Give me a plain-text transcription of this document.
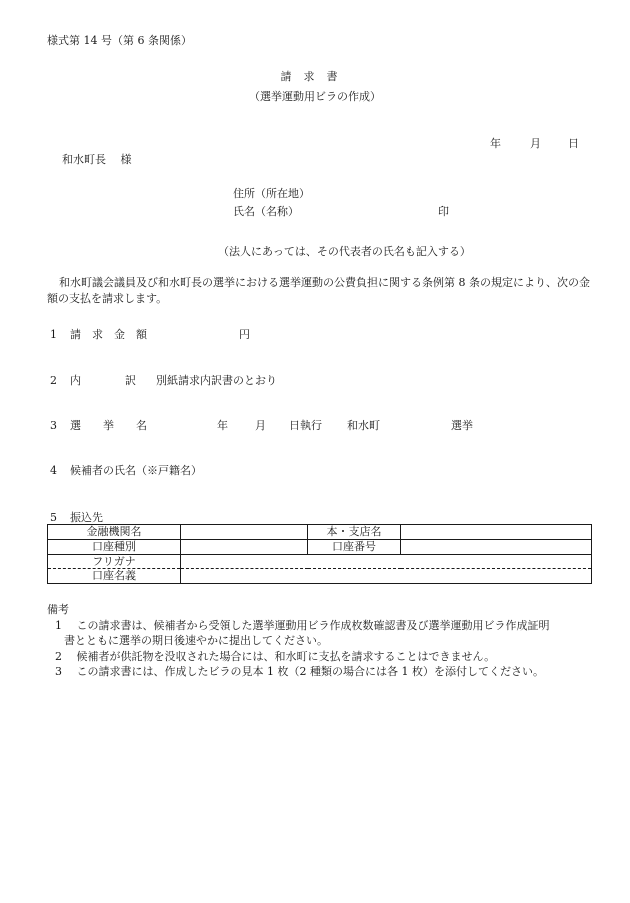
様式第 14 号（第 6 条関係）
請求書
（選挙運動用ビラの作成）
年	月 日
和水町長　 様
住所（所在地）
氏名（名称）	印
（法人にあっては、その代表者の氏名も記入する）
和水町議会議員及び和水町長の選挙における選挙運動の公費負担に関する条例第 8 条の規定により、次の金額の支払を請求します。
1 請　求　金　額	円
2 内　　　　訳 別紙請求内訳書のとおり
3 選　　挙　　名	年 月 日執行 和水町	選挙
4 候補者の氏名（※戸籍名）
5 振込先
金融機関名		本・支店名	
口座種別		口座番号	
フリガナ			
口座名義			
備考
1　 この請求書は、候補者から受領した選挙運動用ビラ作成枚数確認書及び選挙運動用ビラ作成証明
書とともに選挙の期日後速やかに提出してください。
2　 候補者が供託物を没収された場合には、和水町に支払を請求することはできません。
3　 この請求書には、作成したビラの見本 1 枚（2 種類の場合には各 1 枚）を添付してください。
